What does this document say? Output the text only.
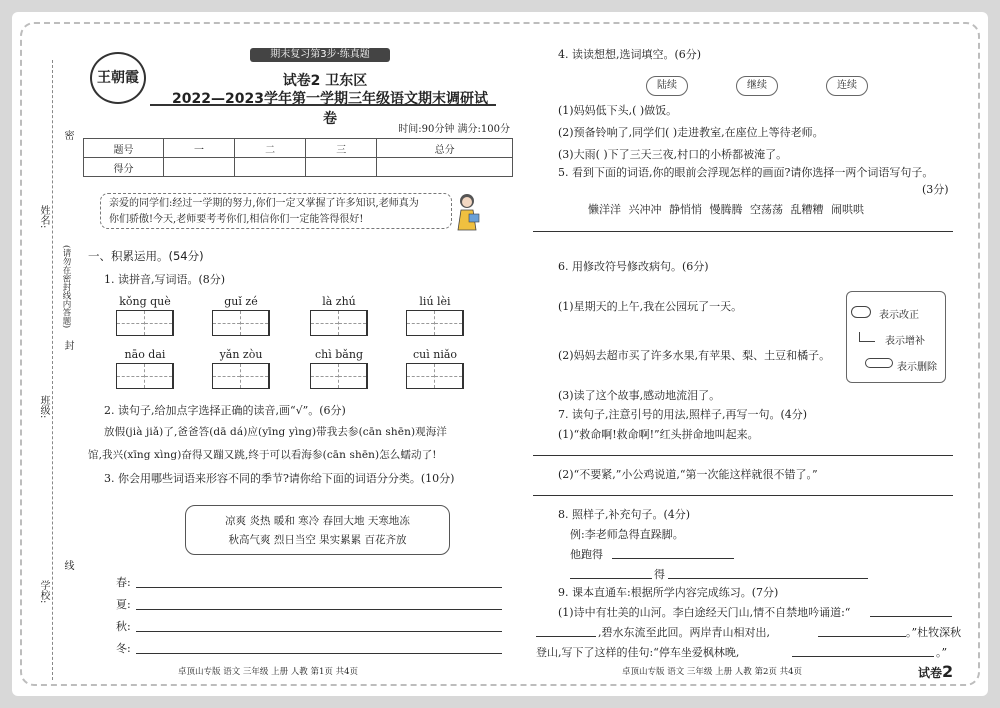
姓名:
班级:
学校:
密
封
线
(请勿在密封线内答题)
王朝霞
期末复习第3步·练真题
试卷2 卫东区
2022—2023学年第一学期三年级语文期末调研试卷
时间:90分钟 满分:100分
题号	一	二	三	总分
得分				
亲爱的同学们:经过一学期的努力,你们一定又掌握了许多知识,老师真为
你们骄傲!今天,老师要考考你们,相信你们一定能答得很好!
一、积累运用。(54分)
1. 读拼音,写词语。(8分)
kǒng què	guǐ zé	là zhú	liú lèi
nāo dai	yǎn zòu	chì bǎng	cuì niǎo
2. 读句子,给加点字选择正确的读音,画“√”。(6分)
放假(jià jiǎ)了,爸爸答(dā dá)应(yīng yìng)带我去参(cān shēn)观海洋
馆,我兴(xīng xìng)奋得又蹦又跳,终于可以看海参(cān shēn)怎么蠕动了!
3. 你会用哪些词语来形容不同的季节?请你给下面的词语分分类。(10分)
凉爽 炎热 暖和 寒冷 春回大地 天寒地冻
秋高气爽 烈日当空 果实累累 百花齐放
春:
夏:
秋:
冬:
卓顶山专版 语文 三年级 上册 人教 第1页 共4页
4. 读读想想,选词填空。(6分)
陆续	继续	连续
(1)妈妈低下头,( )做饭。
(2)预备铃响了,同学们( )走进教室,在座位上等待老师。
(3)大雨( )下了三天三夜,村口的小桥都被淹了。
5. 看到下面的词语,你的眼前会浮现怎样的画面?请你选择一两个词语写句子。
(3分)
懒洋洋 兴冲冲 静悄悄 慢腾腾 空荡荡 乱糟糟 闹哄哄
6. 用修改符号修改病句。(6分)
(1)星期天的上午,我在公园玩了一天。
(2)妈妈去超市买了许多水果,有苹果、梨、土豆和橘子。
(3)读了这个故事,感动地流泪了。
表示改正
表示增补
表示删除
7. 读句子,注意引号的用法,照样子,再写一句。(4分)
(1)“救命啊!救命啊!”红头拼命地叫起来。
(2)“不要紧,”小公鸡说道,“第一次能这样就很不错了。”
8. 照样子,补充句子。(4分)
例:李老师急得直跺脚。
他跑得
得
9. 课本直通车:根据所学内容完成练习。(7分)
(1)诗中有壮美的山河。李白途经天门山,情不自禁地吟诵道:“
,碧水东流至此回。两岸青山相对出,	。”杜牧深秋
登山,写下了这样的佳句:“停车坐爱枫林晚,	。”
卓顶山专版 语文 三年级 上册 人教 第2页 共4页	试卷2
